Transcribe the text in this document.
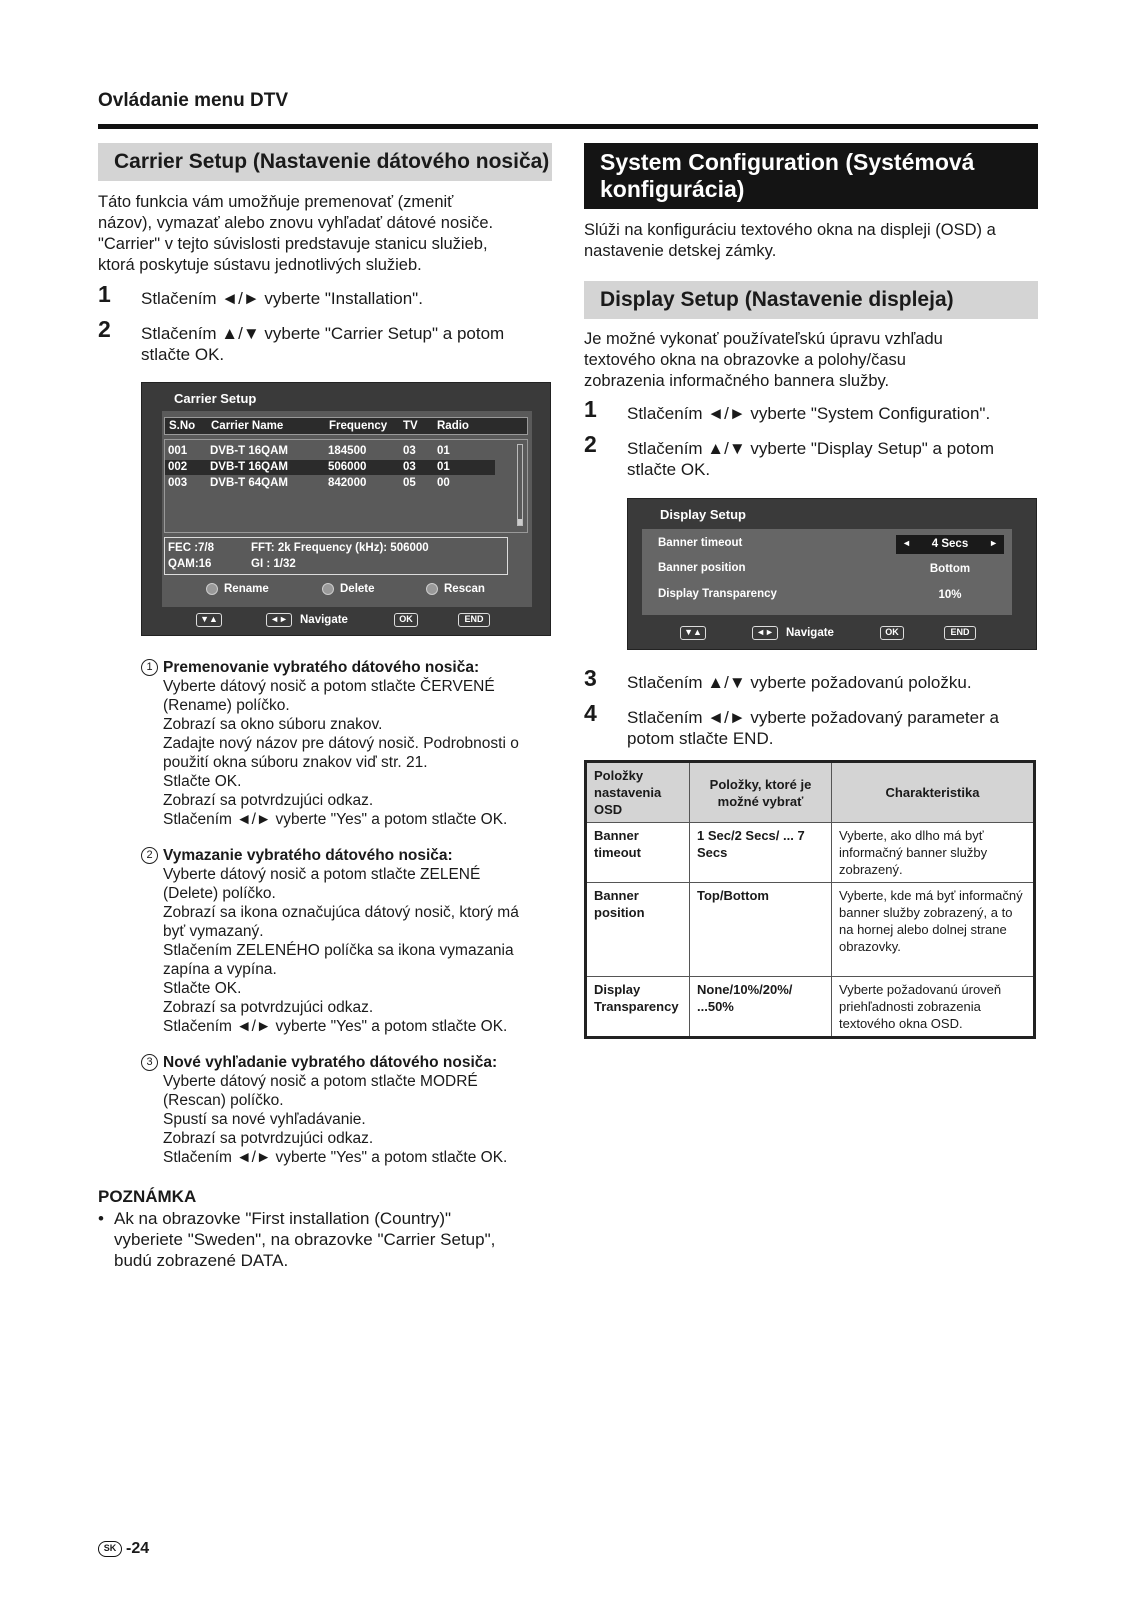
Ovládanie menu DTV
Carrier Setup (Nastavenie dátového nosiča)
Táto funkcia vám umožňuje premenovať (zmeniť
názov), vymazať alebo znovu vyhľadať dátové nosiče.
"Carrier" v tejto súvislosti predstavuje stanicu služieb,
ktorá poskytuje sústavu jednotlivých služieb.
1 Stlačením ◄/► vyberte "Installation".
2 Stlačením ▲/▼ vyberte "Carrier Setup" a potom
stlačte OK.
Carrier Setup
S.No Carrier Name	Frequency TV Radio
001 DVB-T 16QAM	184500	03 01
002 DVB-T 16QAM	506000	03 01
003 DVB-T 64QAM	842000	05 00
FEC :7/8	FFT: 2k Frequency (kHz): 506000
QAM:16	GI : 1/32
Rename	Delete	Rescan
▼▲	◄►	Navigate	OK	END
1 Premenovanie vybratého dátového nosiča:
Vyberte dátový nosič a potom stlačte ČERVENÉ
(Rename) políčko.
Zobrazí sa okno súboru znakov.
Zadajte nový názov pre dátový nosič. Podrobnosti o
použití okna súboru znakov viď str. 21.
Stlačte OK.
Zobrazí sa potvrdzujúci odkaz.
Stlačením ◄/► vyberte "Yes" a potom stlačte OK.
2 Vymazanie vybratého dátového nosiča:
Vyberte dátový nosič a potom stlačte ZELENÉ
(Delete) políčko.
Zobrazí sa ikona označujúca dátový nosič, ktorý má
byť vymazaný.
Stlačením ZELENÉHO políčka sa ikona vymazania
zapína a vypína.
Stlačte OK.
Zobrazí sa potvrdzujúci odkaz.
Stlačením ◄/► vyberte "Yes" a potom stlačte OK.
3 Nové vyhľadanie vybratého dátového nosiča:
Vyberte dátový nosič a potom stlačte MODRÉ
(Rescan) políčko.
Spustí sa nové vyhľadávanie.
Zobrazí sa potvrdzujúci odkaz.
Stlačením ◄/► vyberte "Yes" a potom stlačte OK.
POZNÁMKA
• Ak na obrazovke "First installation (Country)"
vyberiete "Sweden", na obrazovke "Carrier Setup",
budú zobrazené DATA.
System Configuration (Systémová
konfigurácia)
Slúži na konfiguráciu textového okna na displeji (OSD) a
nastavenie detskej zámky.
Display Setup (Nastavenie displeja)
Je možné vykonať používateľskú úpravu vzhľadu
textového okna na obrazovke a polohy/času
zobrazenia informačného bannera služby.
1 Stlačením ◄/► vyberte "System Configuration".
2 Stlačením ▲/▼ vyberte "Display Setup" a potom
stlačte OK.
Display Setup
Banner timeout	◄	4 Secs	►
Banner position	Bottom
Display Transparency	10%
▼▲	◄►	Navigate	OK	END
3 Stlačením ▲/▼ vyberte požadovanú položku.
4 Stlačením ◄/► vyberte požadovaný parameter a
potom stlačte END.
Položky nastavenia OSD	Položky, ktoré je možné vybrať	Charakteristika
Banner timeout	1 Sec/2 Secs/ ... 7 Secs	Vyberte, ako dlho má byť informačný banner služby zobrazený.
Banner position	Top/Bottom	Vyberte, kde má byť informačný banner služby zobrazený, a to na hornej alebo dolnej strane obrazovky.
Display Transparency	None/10%/20%/ ...50%	Vyberte požadovanú úroveň priehľadnosti zobrazenia textového okna OSD.
SK -24
